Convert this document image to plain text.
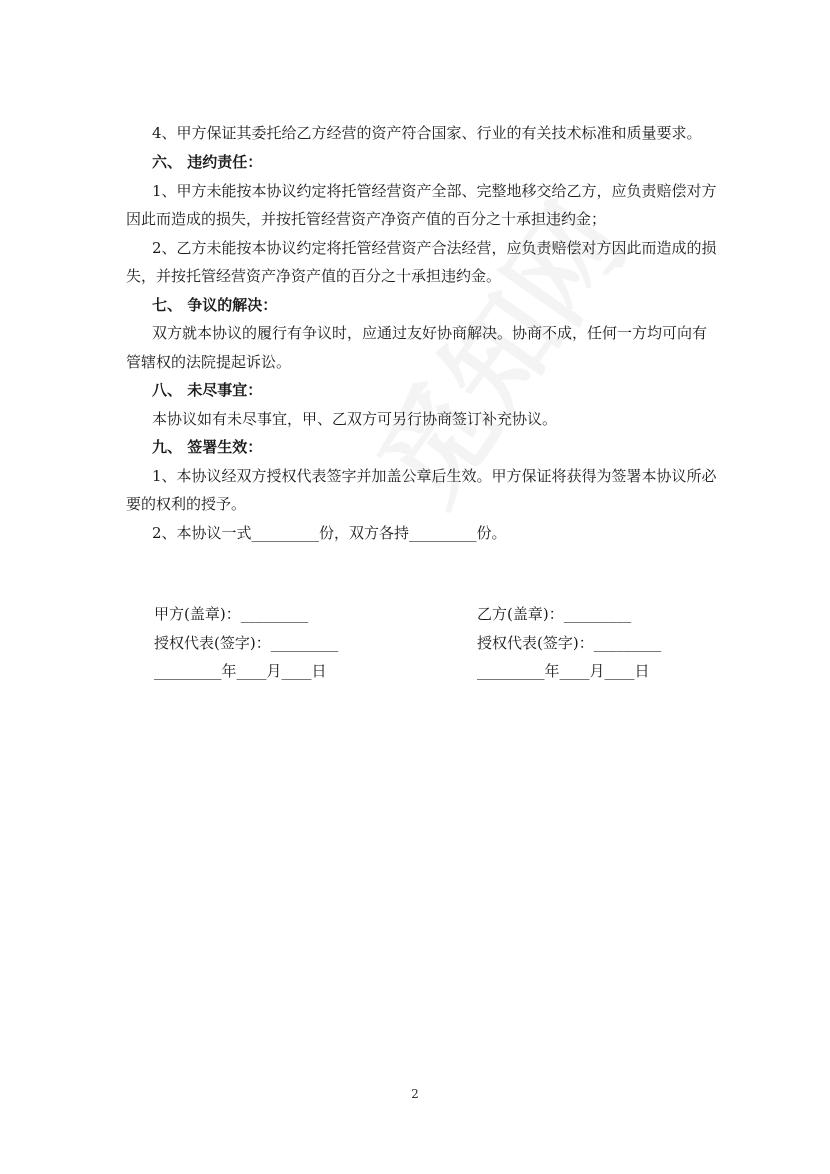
4、甲方保证其委托给乙方经营的资产符合国家、行业的有关技术标准和质量要求。
六、 违约责任：
1、甲方未能按本协议约定将托管经营资产全部、完整地移交给乙方，应负责赔偿对方
因此而造成的损失，并按托管经营资产净资产值的百分之十承担违约金；
2、乙方未能按本协议约定将托管经营资产合法经营，应负责赔偿对方因此而造成的损
失，并按托管经营资产净资产值的百分之十承担违约金。
七、 争议的解决：
双方就本协议的履行有争议时，应通过友好协商解决。协商不成，任何一方均可向有
管辖权的法院提起诉讼。
八、 未尽事宜：
本协议如有未尽事宜，甲、乙双方可另行协商签订补充协议。
九、 签署生效：
1、本协议经双方授权代表签字并加盖公章后生效。甲方保证将获得为签署本协议所必
要的权利的授予。
2、本协议一式_________份，双方各持_________份。
甲方(盖章)：_________
授权代表(签字)：_________
_________年____月____日
乙方(盖章)：_________
授权代表(签字)：_________
_________年____月____日
2
